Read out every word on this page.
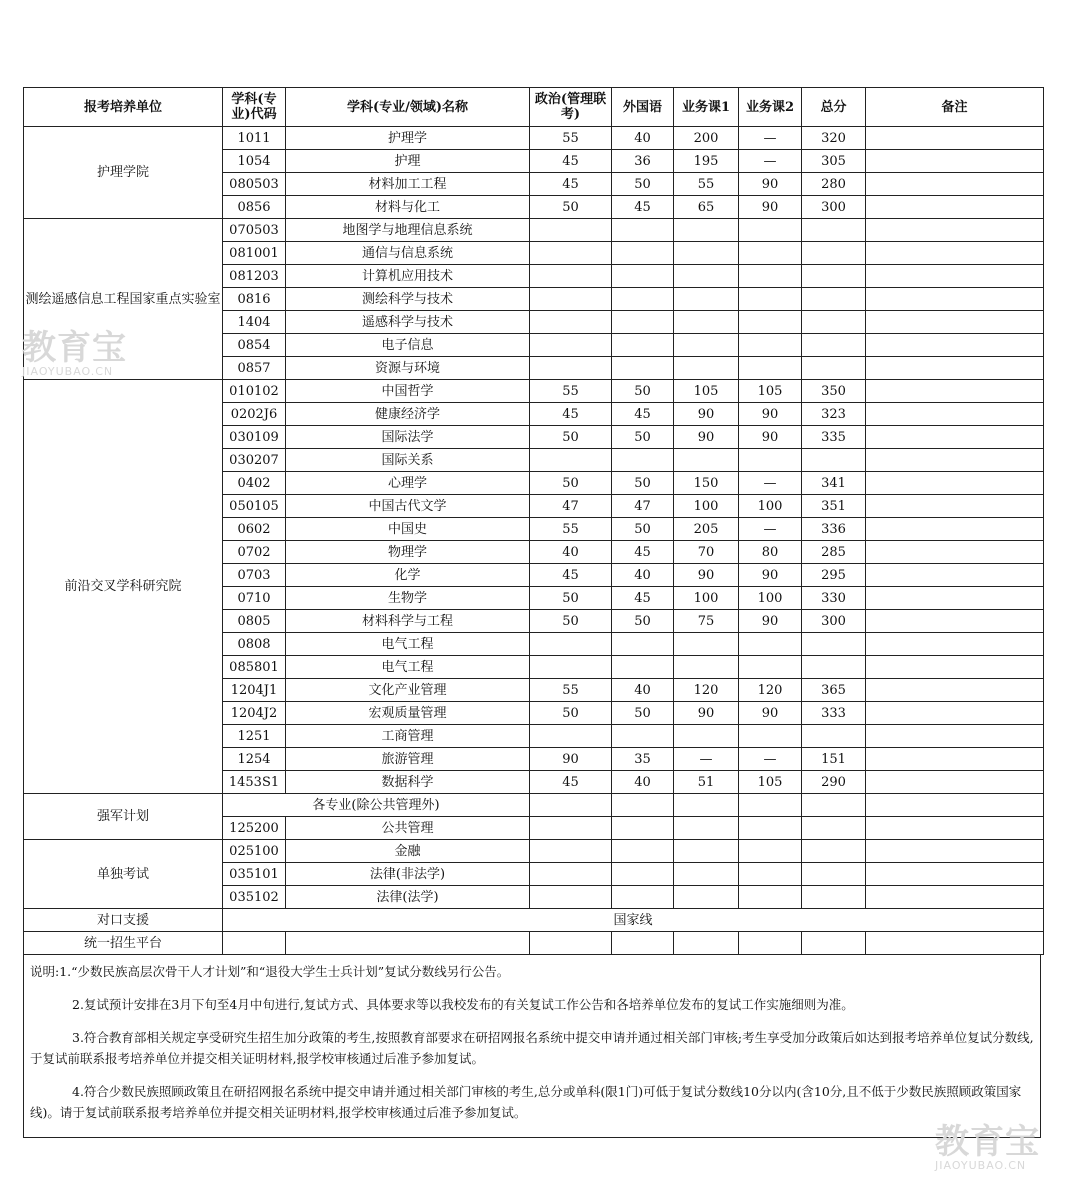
报考培养单位	学科(专业)代码	学科(专业/领域)名称	政治(管理联考)	外国语	业务课1	业务课2	总分	备注
护理学院	1011	护理学	55	40	200	—	320	
	1054	护理	45	36	195	—	305	
	080503	材料加工工程	45	50	55	90	280	
	0856	材料与化工	50	45	65	90	300	
测绘遥感信息工程国家重点实验室	070503	地图学与地理信息系统						
	081001	通信与信息系统						
	081203	计算机应用技术						
	0816	测绘科学与技术						
	1404	遥感科学与技术						
	0854	电子信息						
	0857	资源与环境						
前沿交叉学科研究院	010102	中国哲学	55	50	105	105	350	
	0202J6	健康经济学	45	45	90	90	323	
	030109	国际法学	50	50	90	90	335	
	030207	国际关系						
	0402	心理学	50	50	150	—	341	
	050105	中国古代文学	47	47	100	100	351	
	0602	中国史	55	50	205	—	336	
	0702	物理学	40	45	70	80	285	
	0703	化学	45	40	90	90	295	
	0710	生物学	50	45	100	100	330	
	0805	材料科学与工程	50	50	75	90	300	
	0808	电气工程						
	085801	电气工程						
	1204J1	文化产业管理	55	40	120	120	365	
	1204J2	宏观质量管理	50	50	90	90	333	
	1251	工商管理						
	1254	旅游管理	90	35	—	—	151	
	1453S1	数据科学	45	40	51	105	290	
强军计划	各专业(除公共管理外)							
	125200	公共管理						
单独考试	025100	金融						
	035101	法律(非法学)						
	035102	法律(法学)						
对口支援	国家线							
统一招生平台								
说明:1.“少数民族高层次骨干人才计划”和“退役大学生士兵计划”复试分数线另行公告。
2.复试预计安排在3月下旬至4月中旬进行,复试方式、具体要求等以我校发布的有关复试工作公告和各培养单位发布的复试工作实施细则为准。
3.符合教育部相关规定享受研究生招生加分政策的考生,按照教育部要求在研招网报名系统中提交申请并通过相关部门审核;考生享受加分政策后如达到报考培养单位复试分数线,于复试前联系报考培养单位并提交相关证明材料,报学校审核通过后准予参加复试。
4.符合少数民族照顾政策且在研招网报名系统中提交申请并通过相关部门审核的考生,总分或单科(限1门)可低于复试分数线10分以内(含10分,且不低于少数民族照顾政策国家线)。请于复试前联系报考培养单位并提交相关证明材料,报学校审核通过后准予参加复试。
教育宝
JIAOYUBAO.CN
教育宝
JIAOYUBAO.CN
